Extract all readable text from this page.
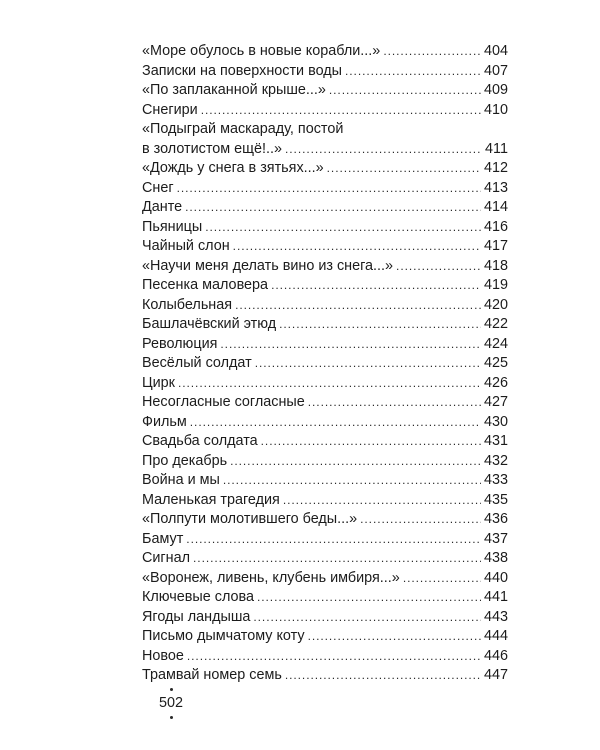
«Море обулось в новые корабли...» . . .	404
Записки на поверхности воды . . .	407
«По заплаканной крыше...» . . .	409
Снегири . . .	410
«Подыграй маскараду, постой
в золотистом ещё!..» . . .	411
«Дождь у снега в зятьях...» . . .	412
Снег . . .	413
Данте . . .	414
Пьяницы . . .	416
Чайный слон . . .	417
«Научи меня делать вино из снега...» . . .	418
Песенка маловера . . .	419
Колыбельная . . .	420
Башлачёвский этюд . . .	422
Революция . . .	424
Весёлый солдат . . .	425
Цирк . . .	426
Несогласные согласные . . .	427
Фильм . . .	430
Свадьба солдата . . .	431
Про декабрь . . .	432
Война и мы . . .	433
Маленькая трагедия . . .	435
«Полпути молотившего беды...» . . .	436
Бамут . . .	437
Сигнал . . .	438
«Воронеж, ливень, клубень имбиря...» . . .	440
Ключевые слова . . .	441
Ягоды ландыша . . .	443
Письмо дымчатому коту . . .	444
Новое . . .	446
Трамвай номер семь . . .	447
502
